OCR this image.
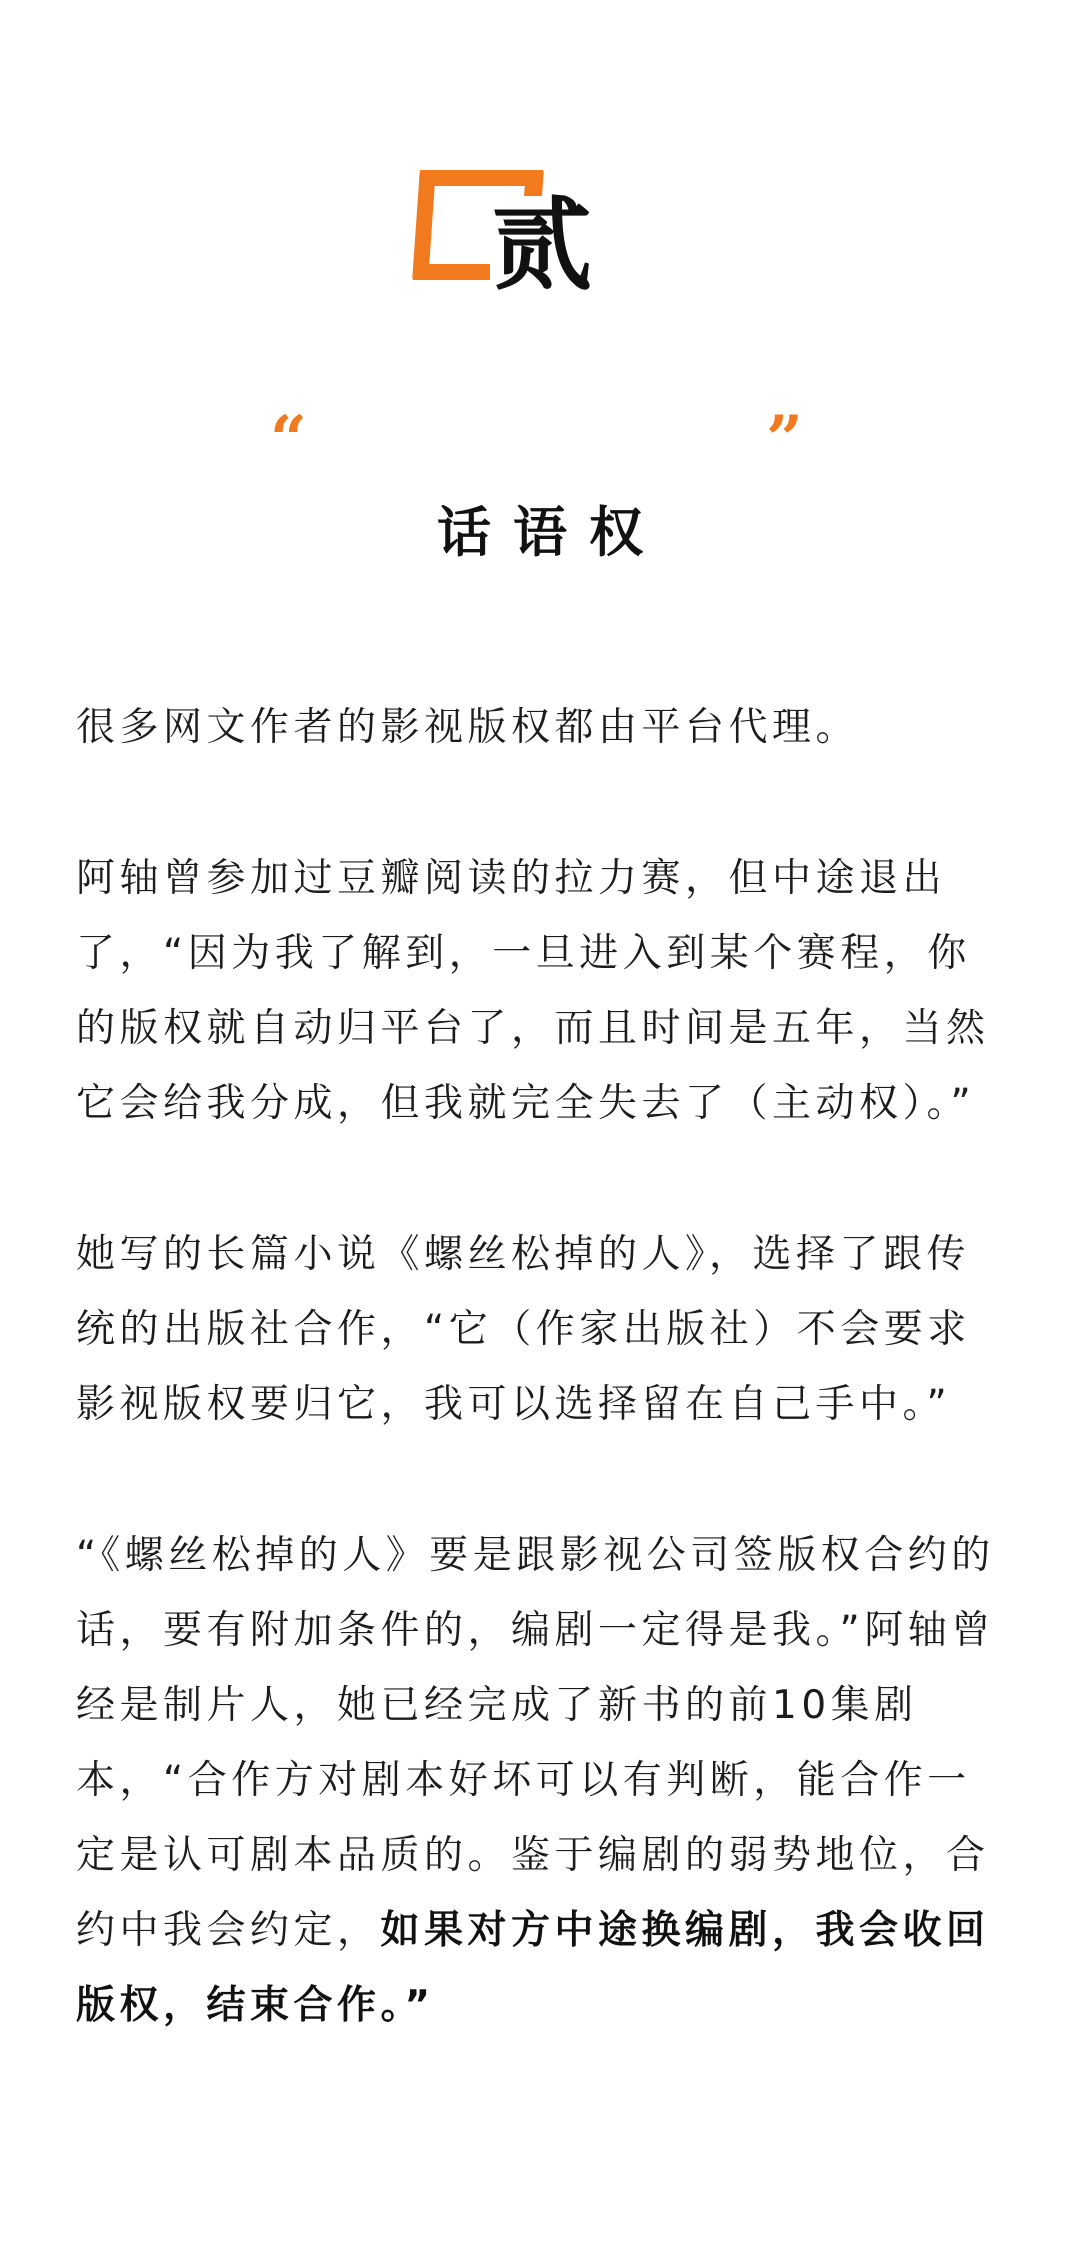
贰
“	”
话语权

很多网文作者的影视版权都由平台代理。

阿轴曾参加过豆瓣阅读的拉力赛，但中途退出了，“因为我了解到，一旦进入到某个赛程，你的版权就自动归平台了，而且时间是五年，当然它会给我分成，但我就完全失去了（主动权）。”

她写的长篇小说《螺丝松掉的人》，选择了跟传统的出版社合作，“它（作家出版社）不会要求影视版权要归它，我可以选择留在自己手中。”

“《螺丝松掉的人》要是跟影视公司签版权合约的话，要有附加条件的，编剧一定得是我。”阿轴曾经是制片人，她已经完成了新书的前10集剧本，“合作方对剧本好坏可以有判断，能合作一定是认可剧本品质的。鉴于编剧的弱势地位，合约中我会约定，如果对方中途换编剧，我会收回版权，结束合作。”
